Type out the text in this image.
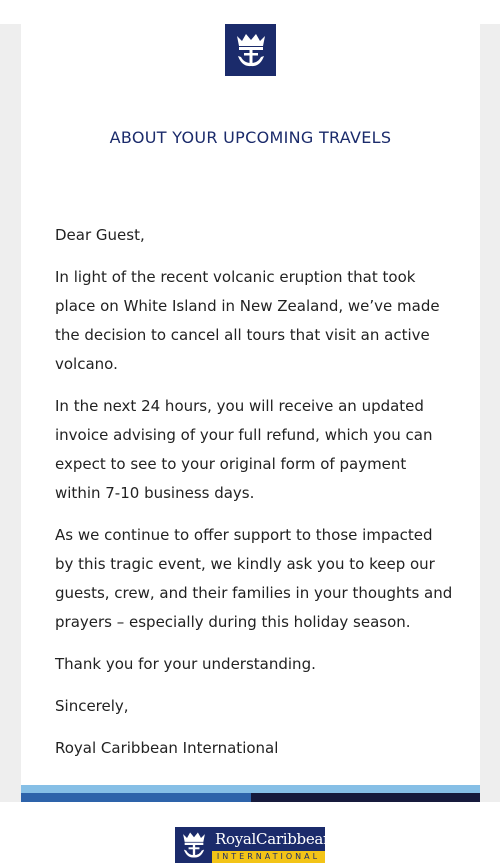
ABOUT YOUR UPCOMING TRAVELS

Dear Guest,

In light of the recent volcanic eruption that took place on White Island in New Zealand, we’ve made the decision to cancel all tours that visit an active volcano.

In the next 24 hours, you will receive an updated invoice advising of your full refund, which you can expect to see to your original form of payment within 7-10 business days.

As we continue to offer support to those impacted by this tragic event, we kindly ask you to keep our guests, crew, and their families in your thoughts and prayers – especially during this holiday season.

Thank you for your understanding.

Sincerely,

Royal Caribbean International

RoyalCaribbean
INTERNATIONAL
